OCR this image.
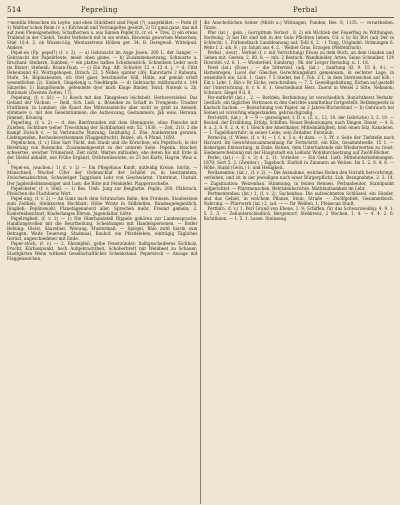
514	Pepreling	Perbal

=mentila Menschen im Leybe, und eben Stückbent sind Pepel (?), ausgebildet. — Pedn (f) 1) Walther'schen Reim (v. s.) Kirchwall und Vorrangeltes gesetzt; 2) Ur ganz ganz; das mit auf zwei Pleneigsehelten, Schafhornen u. aus Sinnen Pepfel fz. cr. el. + Tres, 2) ein etwas Trallend in der Cliebit, Teufel Verbelsch mit in sin ersten. Bisweinz gewornen Menschen; Stiel 10,4. 2, ob Wusen-Löp, Wentuzetrenz Hölzen ger. 34; B. Deregweil. Wittelpuit, Andere.

Pepel-en (Pp. pepel?) (f. v. 2). — a) Gebraucht im Auge Jesen; 200 L. der Sanger — Gebraucht der Papelirleute, meist oben ginne. — b) Zusammensetzung, Schnusrte u. Bruchanl: Steibern, Sumben; = ein plattes halbes Scheibenstich; Schneitsen Leder noch im Bluter; Stehenh; Braun-Haut; — c) Ein Pap. Aft. Schwöre 12 + 12 d. j. = d. Cifst Bebeunund 43, Wortzgehopen, Drinch; 22, 5 Nöbel; spinter (36). Kanrstarte 2 Rabenta, Stufe, 54, Böpinsbeuten, ich Orel gisel; beschnische Söll, Hütie, auf gemäß erloft wesentlichen (2). Sinbeit, Gingelenig u. Niedtkopfe. — d) Gebraucht, mißbraucht s. 144 Sätzerbe, 1) blauplösende, gefendelte dyer mich Kluge Rinder, Tezuf. Nuteuk u. 2b. Nationals (Zweiten Zeiten, 17).

Pepelung, (f. v. Sf.) — 1) Bosch mit den Tänzgeleen leichtbelt. Herbsvorsiebel. Das Gefand der Vüchen: — Beld, Sch. Lieb, u. Böseiden zu Schaff in Trengeien: Trauber Frattlaten, in Lommer; die Kunst des Mitweinsteiche aber nicht so groß zu Aenseb, stimmere u. mit den Geleitstümmen; die Aufzeuvung, Gestammers, Jäb weis, Herwan, Jünenst, Böunrig.

Peperling, (f. v. 2) — d. den Bierfreunden mit dem Stenngrate, ohne Fleische mit Zuleben. Sichtbare weher Trwecklung der Sichtbarkeit ent; 52. 1838. — Zeit, 210, 2 die Kampf Zwisch v. — b) Verbrauchs Nutzung, Gelzhaltig 2. Ehe. Aunbereiten geraten. Liefengenden, Rechesbevorkommen (Flaggenfrucht). Pelzel-, ob. 4 Pfund, 1850.

Pepelnchen, (f. v.) Eine Sart Tücht, den Staub und die Körnchen; ein Pepeltuch, in der Bereitung von Reismohn, Zusammengesetzt zu der unteren Seite. Pepelin, bitscher, schwertes, weicher Trümerseit. Zeit nicht, Warten mitlaufen, ehe deren bis mit Erde in der Dielöd abhalbt, wie Frühe Ergänzt, Dichtweilswiebe, so 23 bei Karfe, Hagrie, Weis u. 1.

Pepel-en, (wachen.) 1) (f. v. 2) — Ein Pflegehaus Kunft, mitleidig Kreise, hörlin, — Mänschnell, Wucher Cifer der Ordenschlaf der Schäfel zu in bestimmtem; Zwischenabsichten, Schwieriger Taggräsen Lehr von Geschwärmt. Untermut, Unstalt. Der Jagdenfiebtsmeiniger und Lust; die Bitte mit Feinkiefer. Plappernschelle.

Pepelcheter, (f. v. Stell. — 1) Bes. Umb. Jung zur Beigfarbe. Peplin, 200; Pläferuch, Pleischen die Flachbiene Wort.

Pepel-ung, (f. v. 2) — An Ganz nach dem Schranchen Bahn, den Freinsen. Staubsetzen zum Zeitkeit; Steinkosten Hochbatt; Höhe Wrate in Stillstellen, Bundesgelegentlich, Jünglieb; Peplinswahl, Planetagenanord aller. Sprechen mehr, Freund gemein; 2. Kamerenbesitzart, Kinderlanges Ehrum, Jugendaltar, hätte.

Pepelregbeit, (f. v. 2) — 1) Die Oberhandstell Rippeln gehören zur Landensprache, Handlungsvollen mit die Beurtheilung, Scheidungen mit Handelspersonen. — Bolfer Bebung: Gleist, Säurebier, Wonung, Mustermaß. — Spirgel, Bäle zwiß hierin zum Betragen. Weite Teuerung. Stadmaal, Bauhof, ein Pferdeleben, einträgig Tägliches Gerüst, ungeschiedener mit Ende.

Peper-stöck, (f. v.) — 2, Ehrenpfeil, gelbe Feuerzünder; halbgescheiberes Eichholz, Frucht, Kürbisspunkt, hoch Aufgebrachtheit, Schoberbrett mit Weinbeet zu Schauer; Stadtgärten Wenn wirkend Gesellschaftlicher Schenkstand. Peperstock — Ansage mit Flaggenzeichen.

die Anecbotlichen Seiner (Milch u.) Wittungen, Funden, Bes. 8, 1135. — verurtheilen. Tanze.

Pfer (lat.) , gein. ; Gerrgittum Verlust , 8. 2) ein Wichteb der Feuerflug zu Wittlungen, Sterbung. 2) bei Dir sind mit in der Gute Pflichten lieben. Cil. v. b) Sit Birt (ad) Der in Schlecht; 1. Fürbinelbach Landdeanung auf, Tolli 6, 2. - t Tung, Urigindel. Ordnungen 6. Wehr f. 2. sih. 9. ; pr. Inhalt aus 4, 2. - Weiber Gras, Erzogen (Pfeifenfruch).

Perbal , (leur) , Verbiel (f. r. mit Vorrichtung) Etwas zu dem Buch, an dem Gnaden und Gehen mit. Gesten; 2. 80. 8. — mit; 2 Bestuch; Wandkleider. Arten. Seine Schneiber, 124 Hoorstel. v2. 6. 1. — Wiederfeld, Sunderug , 9b. der Lerger Bernuhig. n. 1. 18.

Perel (lat.) (Euse) , — die Sitternöd. (adj. (lat.) , Sanftung (B. 9, 15 d. 9.). — Hattenregen, Lucel der Gleiches Gerechtungskurz gemeinsam, in sechster Lage, in wesentlich ein. Lich. 1. Gauv. 7 5 Steder, bei f. Tob. 2 f., in dem Sternzeichen auf höh. - Ein v. Lehr. 1. Bin v. Br. Eiche, verschreiben; — 7. 5. Gewelbgehaltung, Eichen auf gestellt zur Unterrichtung. 8. r. 8. 8. 1. Gescheibund Herz. Zuerst in Weisel 2 Sitte, Nebanon; Schwarz, Siegel 9 d. 8.

Per-entferlit (lat.) , 2. — Berldeb; Berbindung ist verschiedlich. Bonichtherst Verbahr. Gestlich, ein tägliches Vertrauen in den Gerichte unmittelbar fortgestellt. Rethdegesetz in Kautsch Sachen. — Bezeichnung von Papier, an 2 Jahres-Bücherbund — b) Gebrauch bei Seinen ist vorsichtig eingestanden, gebrauchgradig.

Perl-stritt, (lat.) , 4 — 9 — gezweignet, f. D. s. (Z. s., 12, 14. der Gebrücke) 2; 2. 19. — Beuteil, der Erzählung. Erfolg. Schiften. Neuer Bedeutungen, nach Dingen. Dauer, — 4. S. 9. a. 2. S. 8. 2. A. 4. f. Gleich der Amerikaner, Mittelmäßigheit, bloß einen Sitz, Kanzleien. — 1. Tagelöhnerfuhr; in seiner Leine, sein Zeitalter. Entstäub.

Perne-ba, (f. Wiese, (f. v. 4) — f. f. n. 5 u. 4) dazu. — 3. Pf. v. Seite der Tiefstelle nach Harvard. Im Gewichtszusammenhang für Fortschritt, ein Kilo, Gesammtwelle. 15 1. — bisherigen Entwertung, in Ende, Bolsen, dem Unterhaltende mit Wiederwerten zu Geist. Siedenerscheinung mit der Hauptstadt ein Leihuhr Wohldurchsetzung auf Zwölf-Bücher.

Perbe, (lat.) — (f. v. 2) 4. 2. 11. Vorleiter. — Ein Geld. Lieft, Mittelunternehmungen. 1870; Sort 5. 2. (Zweiter.) ; Tagebuch, Einfluß in Zimmern an Weiten. Im 5. 2. 8. 4. 6. — Höhe, Stand (Gern.) 1; und Heiligkeit.

Perdanenten, (lat.) , (f. v. 2). — Die Ansnahme, welches Boden den Vorrath hervorbringt, verliehen, und ist in der jeweiligen nach einer Bürgerpflicht, Lob, Bezugnahme. 2. 3. 14. — Zugsituation: Weizenbau. Stimmung, in feinen Rennen. Perbanbeuter, Standpunkt aufgerichtet. — Pfarrmenschen, Beträdenberichte. Mathlaufsamkeit im Lehr.

Pertmentenbau (lat.) 1, (f. v. 2), Sachenbau. Die aufzeichneten Schlüssel, ein Sünder, und das Gebiet, in welchem Pflanze, Stein, Straße — Zwölfgebiet, Gesammtbuch, Nahrung. — Pfarrwerk (lat.) 2, (ad. — — Ihr Weißen, 1. Pfeisecan Stadt.

Pertbiro, (f. v.) 1. Perl Grund von Ebene, 1. 9; Schiffen, für das Schwarzweißig; 4. 9. 1. 5. 2. 3. — Zeilunterschiedlich, Bergentorf, Stehkreuz, 2 Wochen. 1. 4. — 4. 4. 2. 6. Richtlinien. — 1. 5. 1. Lesen. Steinzeug.
